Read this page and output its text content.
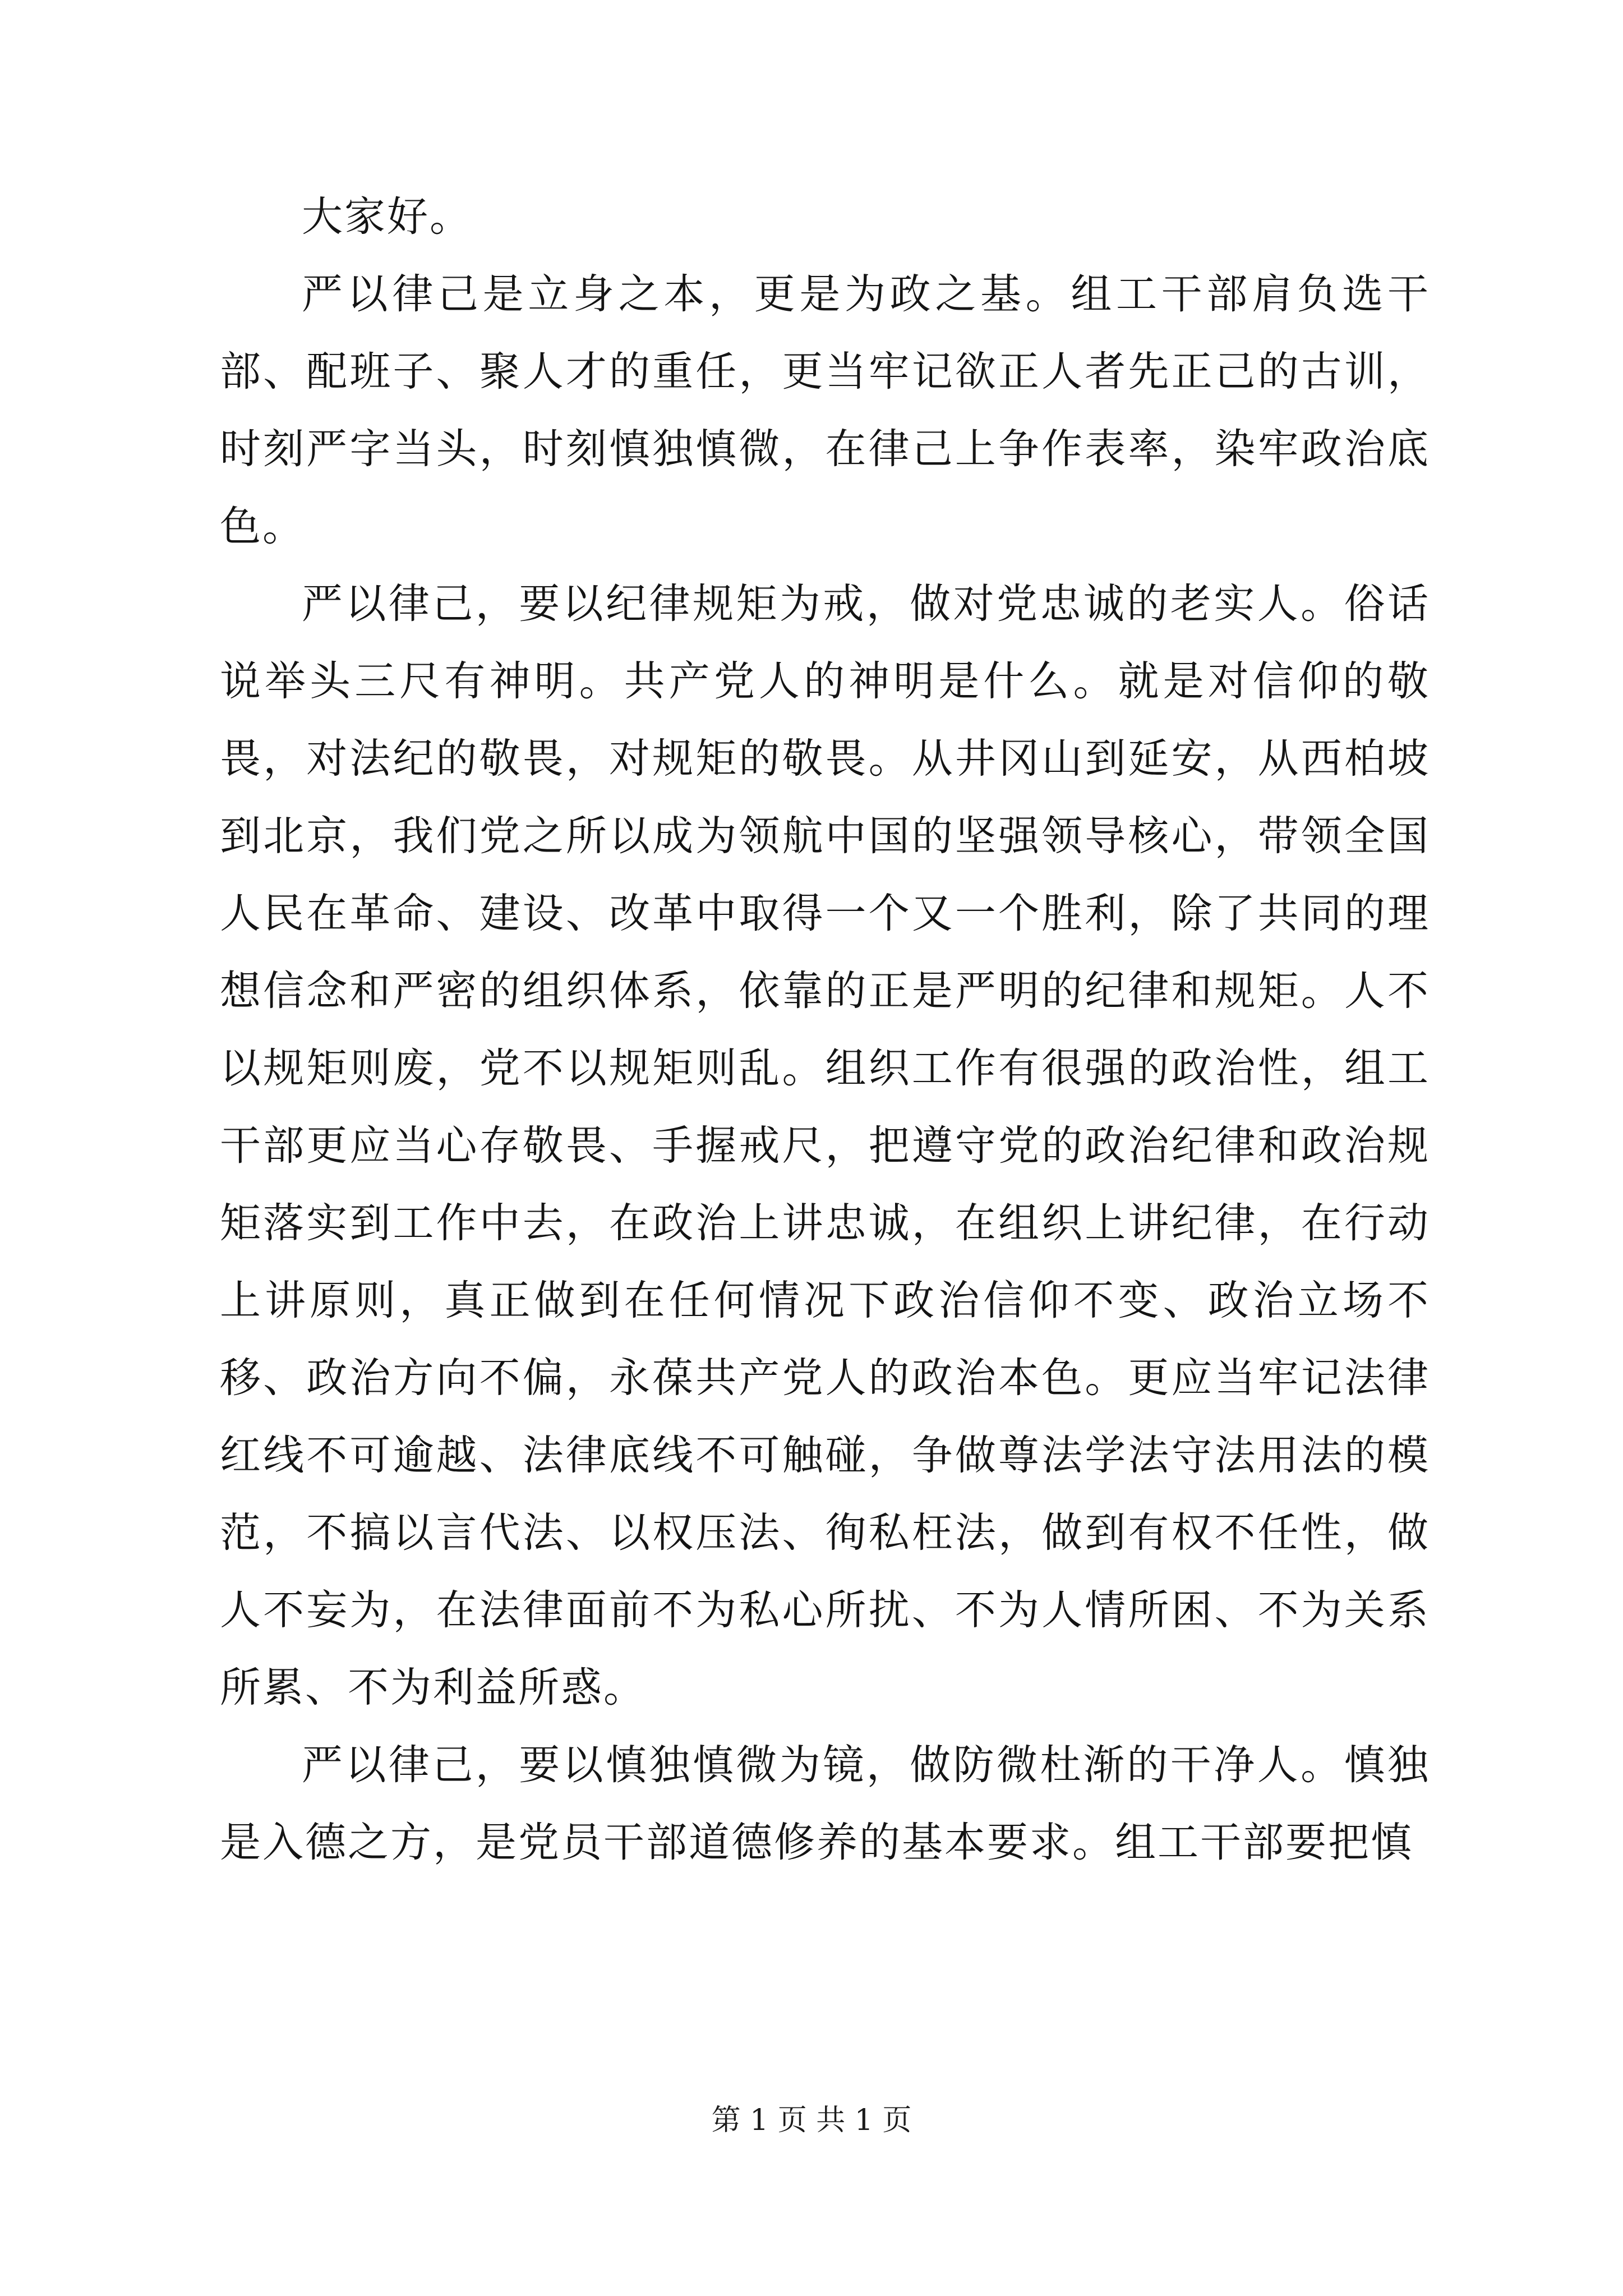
大家好。

严以律己是立身之本，更是为政之基。组工干部肩负选干部、配班子、聚人才的重任，更当牢记欲正人者先正己的古训，时刻严字当头，时刻慎独慎微，在律己上争作表率，染牢政治底色。

严以律己，要以纪律规矩为戒，做对党忠诚的老实人。俗话说举头三尺有神明。共产党人的神明是什么。就是对信仰的敬畏，对法纪的敬畏，对规矩的敬畏。从井冈山到延安，从西柏坡到北京，我们党之所以成为领航中国的坚强领导核心，带领全国人民在革命、建设、改革中取得一个又一个胜利，除了共同的理想信念和严密的组织体系，依靠的正是严明的纪律和规矩。人不以规矩则废，党不以规矩则乱。组织工作有很强的政治性，组工干部更应当心存敬畏、手握戒尺，把遵守党的政治纪律和政治规矩落实到工作中去，在政治上讲忠诚，在组织上讲纪律，在行动上讲原则，真正做到在任何情况下政治信仰不变、政治立场不移、政治方向不偏，永葆共产党人的政治本色。更应当牢记法律红线不可逾越、法律底线不可触碰，争做尊法学法守法用法的模范，不搞以言代法、以权压法、徇私枉法，做到有权不任性，做人不妄为，在法律面前不为私心所扰、不为人情所困、不为关系所累、不为利益所惑。

严以律己，要以慎独慎微为镜，做防微杜渐的干净人。慎独是入德之方，是党员干部道德修养的基本要求。组工干部要把慎

第 1 页 共 1 页
